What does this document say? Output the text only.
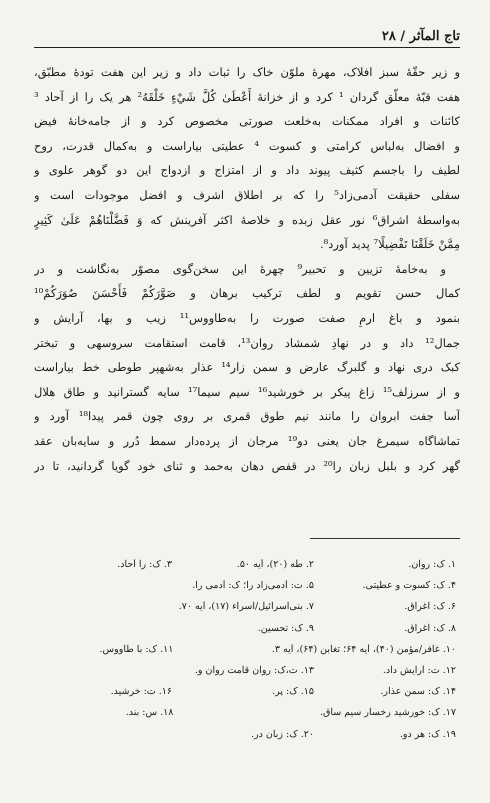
تاج المآثر / ۲۸

و زیر حقّهٔ سبز افلاک، مهرهٔ ملوّن خاک را ثبات داد و زیر این هفت تودهٔ مطبّق،
هفت قبّهٔ معلّق گردان ¹ کرد و از خزانهٔ أَعْطَىٰ كُلَّ شَيْءٍ خَلْقَهُ² هر یک را از آحاد ³
کائنات و افراد ممکنات به‌خلعت صورتی مخصوص کرد و از جامه‌خانهٔ فیض
و افضال به‌لباس کرامتی و کسوت ⁴ عطیتی بیاراست و به‌کمال قدرت، روح
لطیف را باجسم کثیف پیوند داد و از امتزاج و ازدواج این دو گوهر علوی و
سفلی حقیقت آدمی‌زاد⁵ را که بر اطلاق اشرف و افضل موجودات است و
به‌واسطهٔ اشراق⁶ نور عقل زبده و خلاصهٔ اکثر آفرینش که وَ فَضَّلْنَاهُمْ عَلَىٰ كَثِيرٍ
مِمَّنْ خَلَقْنَا تَفْضِيلًا⁷ پدید آورد⁸.

و به‌خامهٔ تزیین و تحبیر⁹ چهرهٔ این سخن‌گوی مصوّر به‌نگاشت و در
کمال حسن تقویم و لطف ترکیب برهان و صَوَّرَكُمْ فَأَحْسَنَ صُوَرَكُمْ¹⁰
بنمود و باغ ارمِ صفت صورت را به‌طاووس¹¹ زیب و بها، آرایش و
جمال¹² داد و در نهادِ شمشاد روان¹³، قامت استقامت سروسهی و تبختر
کبک دری نهاد و گلبرگ عارض و سمن زار¹⁴ عذار به‌شهپر طوطی خط بیاراست
و از سرزلف¹⁵ زاغ پیکر بر خورشید¹⁶ سیم سیما¹⁷ سایه گسترانید و طاق هلال
آسا جفت ابروان را مانند نیم طوق قمری بر روی چون قمر پیدا¹⁸ آورد و
تماشاگاه سیمرغ جان یعنی دو¹⁹ مرجان از پرده‌دار سمط دُرر و سایه‌بان عقد
گهر کرد و بلبل زبان را²⁰ در قفص دهان به‌حمد و ثنای خود گویا گردانید، تا در

۱. ک: روان.
۲. طٰه (۲۰)، آیه ۵۰.
۳. ک: را آحاد.
۴. ک: کسوت و عطیتی.
۵. ت: آدمی‌زاد را؛ ک: آدمی را.
۶. ک: اغراق.
۷. بنی‌اسرائیل/اسراء (۱۷)، آیه ۷۰.
۸. ک: اغراق.
۹. ک: تحسین.
۱۰. غافر/مؤمن (۴۰)، آیه ۶۴؛ تغابن (۶۴)، آیه ۳.
۱۱. ک: با طاووس.
۱۲. ت: آرایش داد.
۱۳. ت،ک: روان قامت روان و.
۱۴. ک: سمن عذار.
۱۵. ک: پر.
۱۶. ت: خرشید.
۱۷. ک: خورشید رخسار سیم ساق.
۱۸. س: بند.
۱۹. ک: هر دو.
۲۰. ک: زبان در.
